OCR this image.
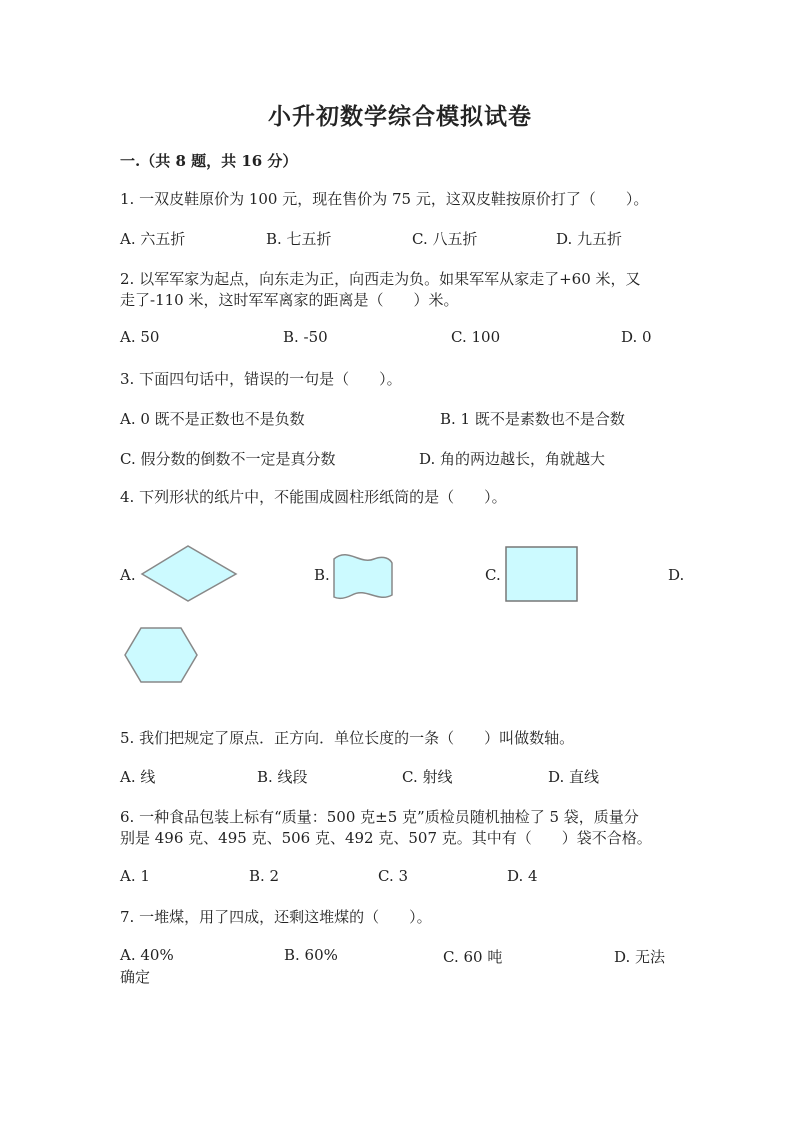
小升初数学综合模拟试卷
一.（共 8 题，共 16 分）
1. 一双皮鞋原价为 100 元，现在售价为 75 元，这双皮鞋按原价打了（　　）。
A. 六五折	B. 七五折	C. 八五折	D. 九五折
2. 以军军家为起点，向东走为正，向西走为负。如果军军从家走了+60 米，又
走了-110 米，这时军军离家的距离是（　　）米。
A. 50	B. -50	C. 100	D. 0
3. 下面四句话中，错误的一句是（　　）。
A. 0 既不是正数也不是负数	B. 1 既不是素数也不是合数
C. 假分数的倒数不一定是真分数	D. 角的两边越长，角就越大
4. 下列形状的纸片中，不能围成圆柱形纸筒的是（　　）。
A.	B.	C.	D.
5. 我们把规定了原点．正方向．单位长度的一条（　　）叫做数轴。
A. 线	B. 线段	C. 射线	D. 直线
6. 一种食品包装上标有“质量：500 克±5 克”质检员随机抽检了 5 袋，质量分
别是 496 克、495 克、506 克、492 克、507 克。其中有（　　）袋不合格。
A. 1	B. 2	C. 3	D. 4
7. 一堆煤，用了四成，还剩这堆煤的（　　）。
A. 40%	B. 60%	C. 60 吨	D. 无法
确定
